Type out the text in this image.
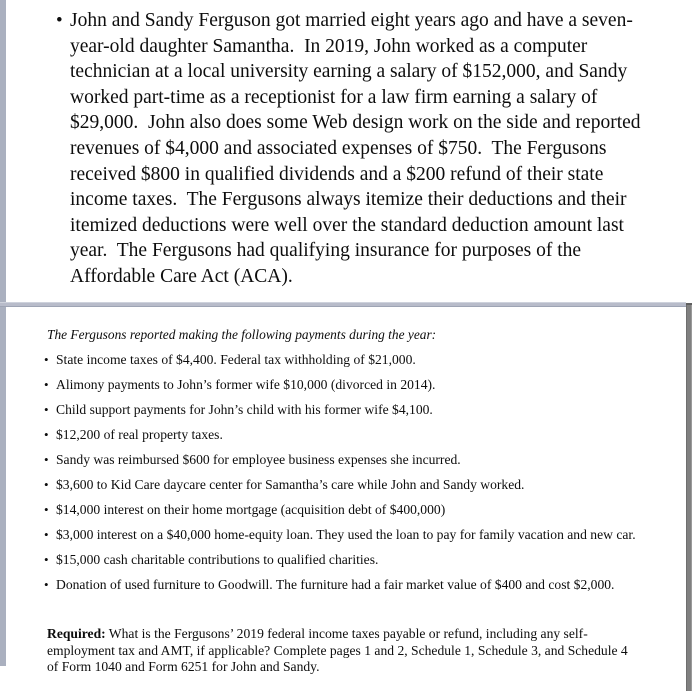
• John and Sandy Ferguson got married eight years ago and have a seven-year-old daughter Samantha.  In 2019, John worked as a computer technician at a local university earning a salary of $152,000, and Sandy worked part-time as a receptionist for a law firm earning a salary of $29,000.  John also does some Web design work on the side and reported revenues of $4,000 and associated expenses of $750.  The Fergusons received $800 in qualified dividends and a $200 refund of their state income taxes.  The Fergusons always itemize their deductions and their itemized deductions were well over the standard deduction amount last year.  The Fergusons had qualifying insurance for purposes of the Affordable Care Act (ACA).
The Fergusons reported making the following payments during the year:
• State income taxes of $4,400. Federal tax withholding of $21,000.
• Alimony payments to John’s former wife $10,000 (divorced in 2014).
• Child support payments for John’s child with his former wife $4,100.
• $12,200 of real property taxes.
• Sandy was reimbursed $600 for employee business expenses she incurred.
• $3,600 to Kid Care daycare center for Samantha’s care while John and Sandy worked.
• $14,000 interest on their home mortgage (acquisition debt of $400,000)
• $3,000 interest on a $40,000 home-equity loan. They used the loan to pay for family vacation and new car.
• $15,000 cash charitable contributions to qualified charities.
• Donation of used furniture to Goodwill. The furniture had a fair market value of $400 and cost $2,000.
Required: What is the Fergusons’ 2019 federal income taxes payable or refund, including any self-employment tax and AMT, if applicable? Complete pages 1 and 2, Schedule 1, Schedule 3, and Schedule 4 of Form 1040 and Form 6251 for John and Sandy.
